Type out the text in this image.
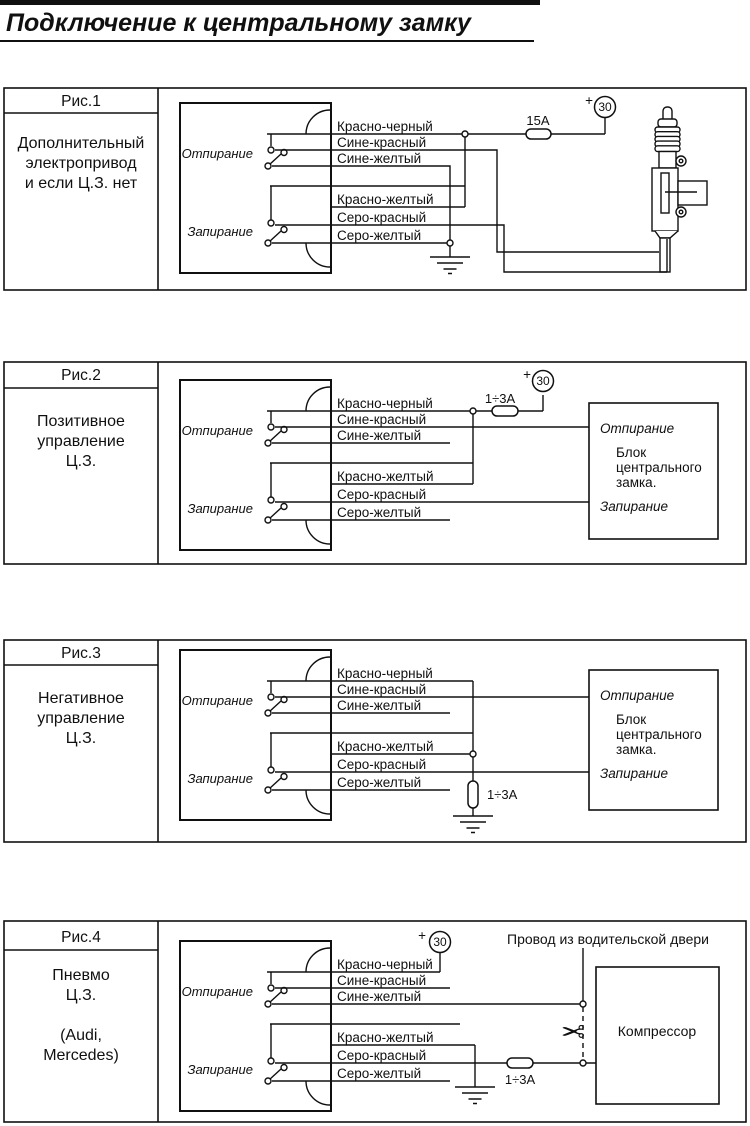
Подключение к центральному замку
Рис.1
Дополнительный
электропривод
и если Ц.З. нет
Рис.2
Позитивное
управление
Ц.З.
Рис.3
Негативное
управление
Ц.З.
Рис.4
Пневмо
Ц.З.
(Audi,
Mercedes)
Красно-черный
Сине-красный
Сине-желтый
Красно-желтый
Серо-красный
Серо-желтый
Отпирание
Запирание
15A
+ 30
Отпирание
Блок
центрального
замка.
Запирание
Красно-черный
Сине-красный
Сине-желтый
Красно-желтый
Серо-красный
Серо-желтый
Отпирание
Запирание
1÷3A
+ 30
Отпирание
Блок
центрального
замка.
Запирание
Красно-черный
Сине-красный
Сине-желтый
Красно-желтый
Серо-красный
Серо-желтый
Отпирание
Запирание
1÷3A
Компрессор
✂
Провод из водительской двери
Красно-черный
Сине-красный
Сине-желтый
Красно-желтый
Серо-красный
Серо-желтый
Отпирание
Запирание
1÷3A
+ 30
